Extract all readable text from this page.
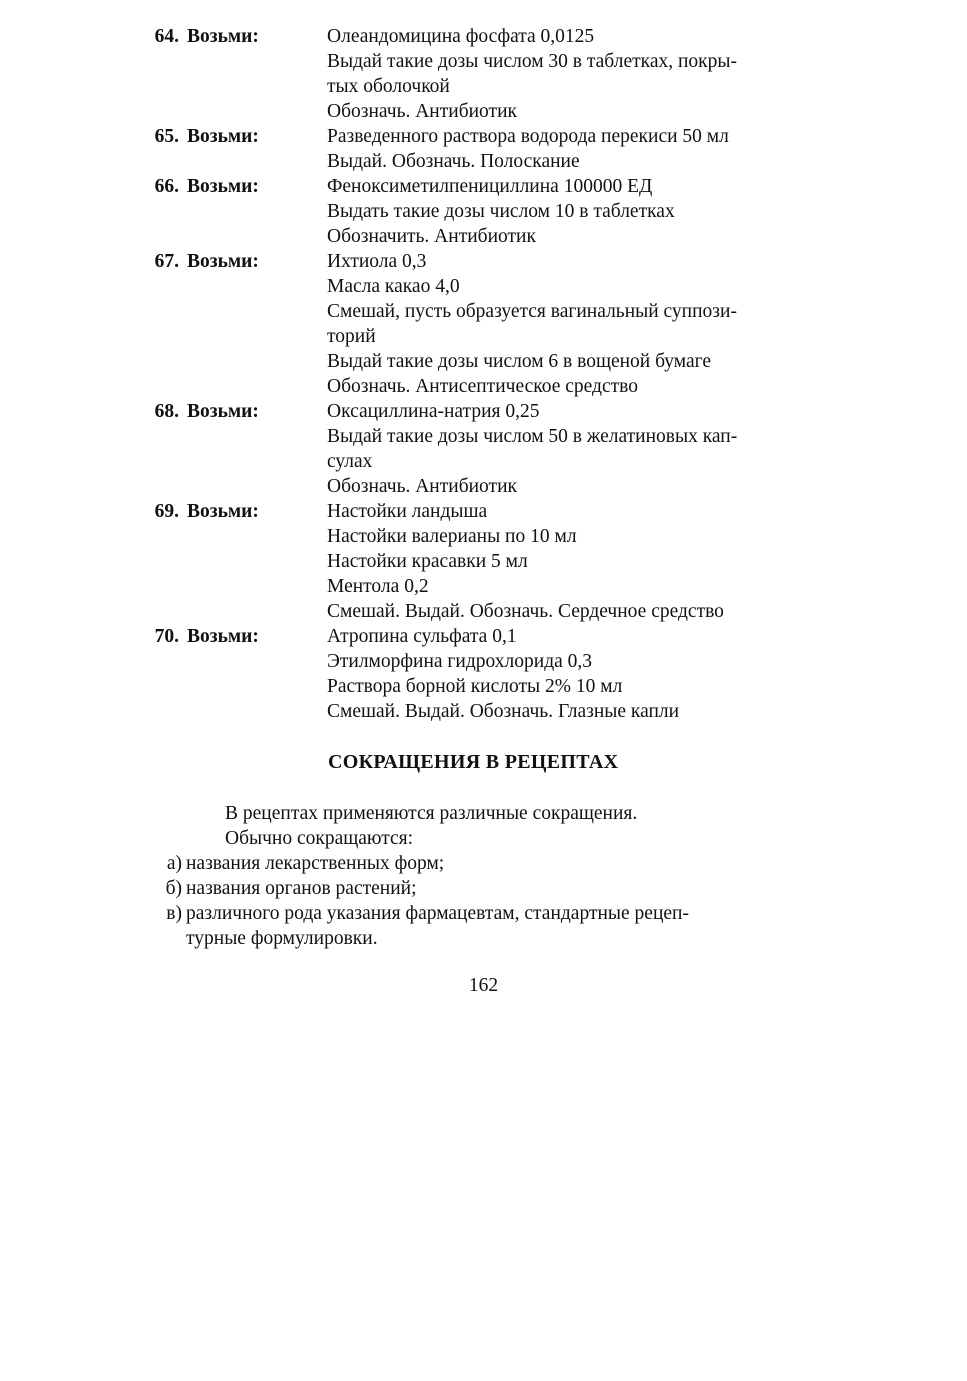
64. Возьми:	Олеандомицина фосфата 0,0125
Выдай такие дозы числом 30 в таблетках, покры-
тых оболочкой
Обозначь. Антибиотик
65. Возьми:	Разведенного раствора водорода перекиси 50 мл
Выдай. Обозначь. Полоскание
66. Возьми:	Феноксиметилпенициллина 100000 ЕД
Выдать такие дозы числом 10 в таблетках
Обозначить. Антибиотик
67. Возьми:	Ихтиола 0,3
Масла какао 4,0
Смешай, пусть образуется вагинальный суппози-
торий
Выдай такие дозы числом 6 в вощеной бумаге
Обозначь. Антисептическое средство
68. Возьми:	Оксациллина-натрия 0,25
Выдай такие дозы числом 50 в желатиновых кап-
сулах
Обозначь. Антибиотик
69. Возьми:	Настойки ландыша
Настойки валерианы по 10 мл
Настойки красавки 5 мл
Ментола 0,2
Смешай. Выдай. Обозначь. Сердечное средство
70. Возьми:	Атропина сульфата 0,1
Этилморфина гидрохлорида 0,3
Раствора борной кислоты 2% 10 мл
Смешай. Выдай. Обозначь. Глазные капли
СОКРАЩЕНИЯ В РЕЦЕПТАХ
В рецептах применяются различные сокращения.
Обычно сокращаются:
а) названия лекарственных форм;
б) названия органов растений;
в) различного рода указания фармацевтам, стандартные рецеп-
турные формулировки.
162
